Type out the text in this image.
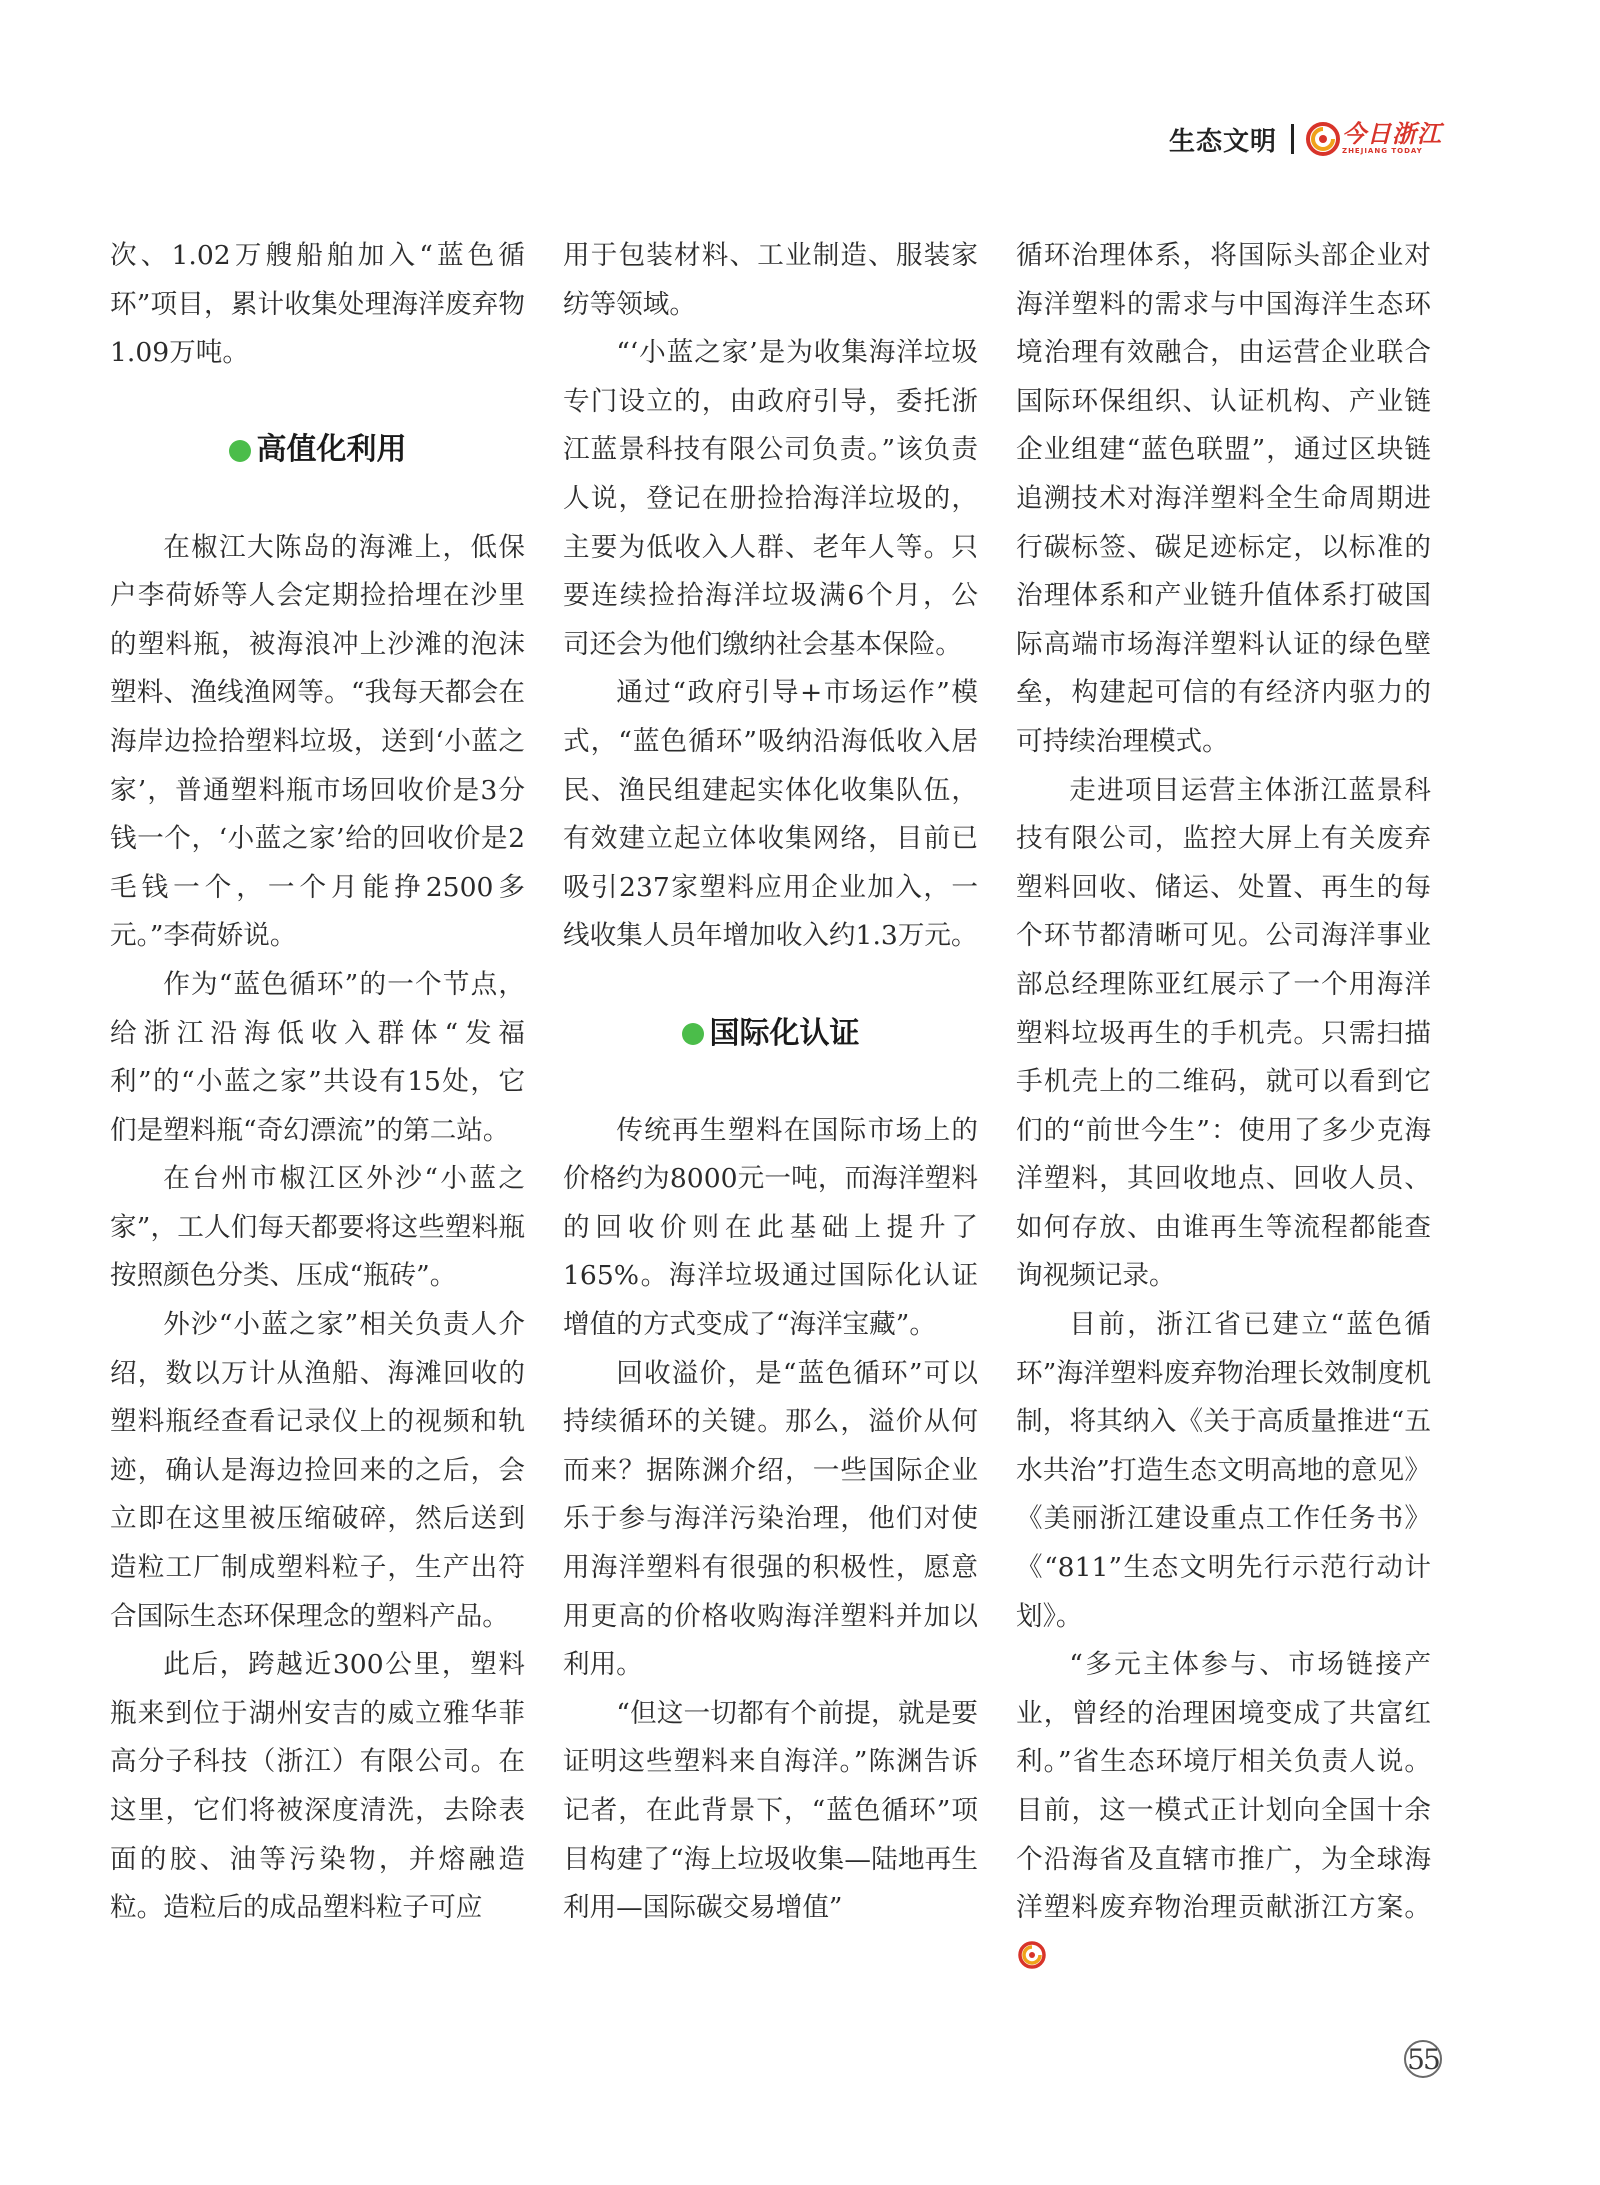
生态文明	今日浙江
ZHEJIANG TODAY

次、1.02万艘船舶加入“蓝色循环”项目，累计收集处理海洋废弃物1.09万吨。

高值化利用

在椒江大陈岛的海滩上，低保户李荷娇等人会定期捡拾埋在沙里的塑料瓶，被海浪冲上沙滩的泡沫塑料、渔线渔网等。“我每天都会在海岸边捡拾塑料垃圾，送到‘小蓝之家’，普通塑料瓶市场回收价是3分钱一个，‘小蓝之家’给的回收价是2毛钱一个，一个月能挣2500多元。”李荷娇说。

作为“蓝色循环”的一个节点，给浙江沿海低收入群体“发福利”的“小蓝之家”共设有15处，它们是塑料瓶“奇幻漂流”的第二站。

在台州市椒江区外沙“小蓝之家”，工人们每天都要将这些塑料瓶按照颜色分类、压成“瓶砖”。

外沙“小蓝之家”相关负责人介绍，数以万计从渔船、海滩回收的塑料瓶经查看记录仪上的视频和轨迹，确认是海边捡回来的之后，会立即在这里被压缩破碎，然后送到造粒工厂制成塑料粒子，生产出符合国际生态环保理念的塑料产品。

此后，跨越近300公里，塑料瓶来到位于湖州安吉的威立雅华菲高分子科技（浙江）有限公司。在这里，它们将被深度清洗，去除表面的胶、油等污染物，并熔融造粒。造粒后的成品塑料粒子可应

用于包装材料、工业制造、服装家纺等领域。

“‘小蓝之家’是为收集海洋垃圾专门设立的，由政府引导，委托浙江蓝景科技有限公司负责。”该负责人说，登记在册捡拾海洋垃圾的，主要为低收入人群、老年人等。只要连续捡拾海洋垃圾满6个月，公司还会为他们缴纳社会基本保险。

通过“政府引导+市场运作”模式，“蓝色循环”吸纳沿海低收入居民、渔民组建起实体化收集队伍，有效建立起立体收集网络，目前已吸引237家塑料应用企业加入，一线收集人员年增加收入约1.3万元。

国际化认证

传统再生塑料在国际市场上的价格约为8000元一吨，而海洋塑料的回收价则在此基础上提升了165%。海洋垃圾通过国际化认证增值的方式变成了“海洋宝藏”。

回收溢价，是“蓝色循环”可以持续循环的关键。那么，溢价从何而来？据陈渊介绍，一些国际企业乐于参与海洋污染治理，他们对使用海洋塑料有很强的积极性，愿意用更高的价格收购海洋塑料并加以利用。

“但这一切都有个前提，就是要证明这些塑料来自海洋。”陈渊告诉记者，在此背景下，“蓝色循环”项目构建了“海上垃圾收集—陆地再生利用—国际碳交易增值”

循环治理体系，将国际头部企业对海洋塑料的需求与中国海洋生态环境治理有效融合，由运营企业联合国际环保组织、认证机构、产业链企业组建“蓝色联盟”，通过区块链追溯技术对海洋塑料全生命周期进行碳标签、碳足迹标定，以标准的治理体系和产业链升值体系打破国际高端市场海洋塑料认证的绿色壁垒，构建起可信的有经济内驱力的可持续治理模式。

走进项目运营主体浙江蓝景科技有限公司，监控大屏上有关废弃塑料回收、储运、处置、再生的每个环节都清晰可见。公司海洋事业部总经理陈亚红展示了一个用海洋塑料垃圾再生的手机壳。只需扫描手机壳上的二维码，就可以看到它们的“前世今生”：使用了多少克海洋塑料，其回收地点、回收人员、如何存放、由谁再生等流程都能查询视频记录。

目前，浙江省已建立“蓝色循环”海洋塑料废弃物治理长效制度机制，将其纳入《关于高质量推进“五水共治”打造生态文明高地的意见》《美丽浙江建设重点工作任务书》《“811”生态文明先行示范行动计划》。

“多元主体参与、市场链接产业，曾经的治理困境变成了共富红利。”省生态环境厅相关负责人说。目前，这一模式正计划向全国十余个沿海省及直辖市推广，为全球海洋塑料废弃物治理贡献浙江方案。

55
